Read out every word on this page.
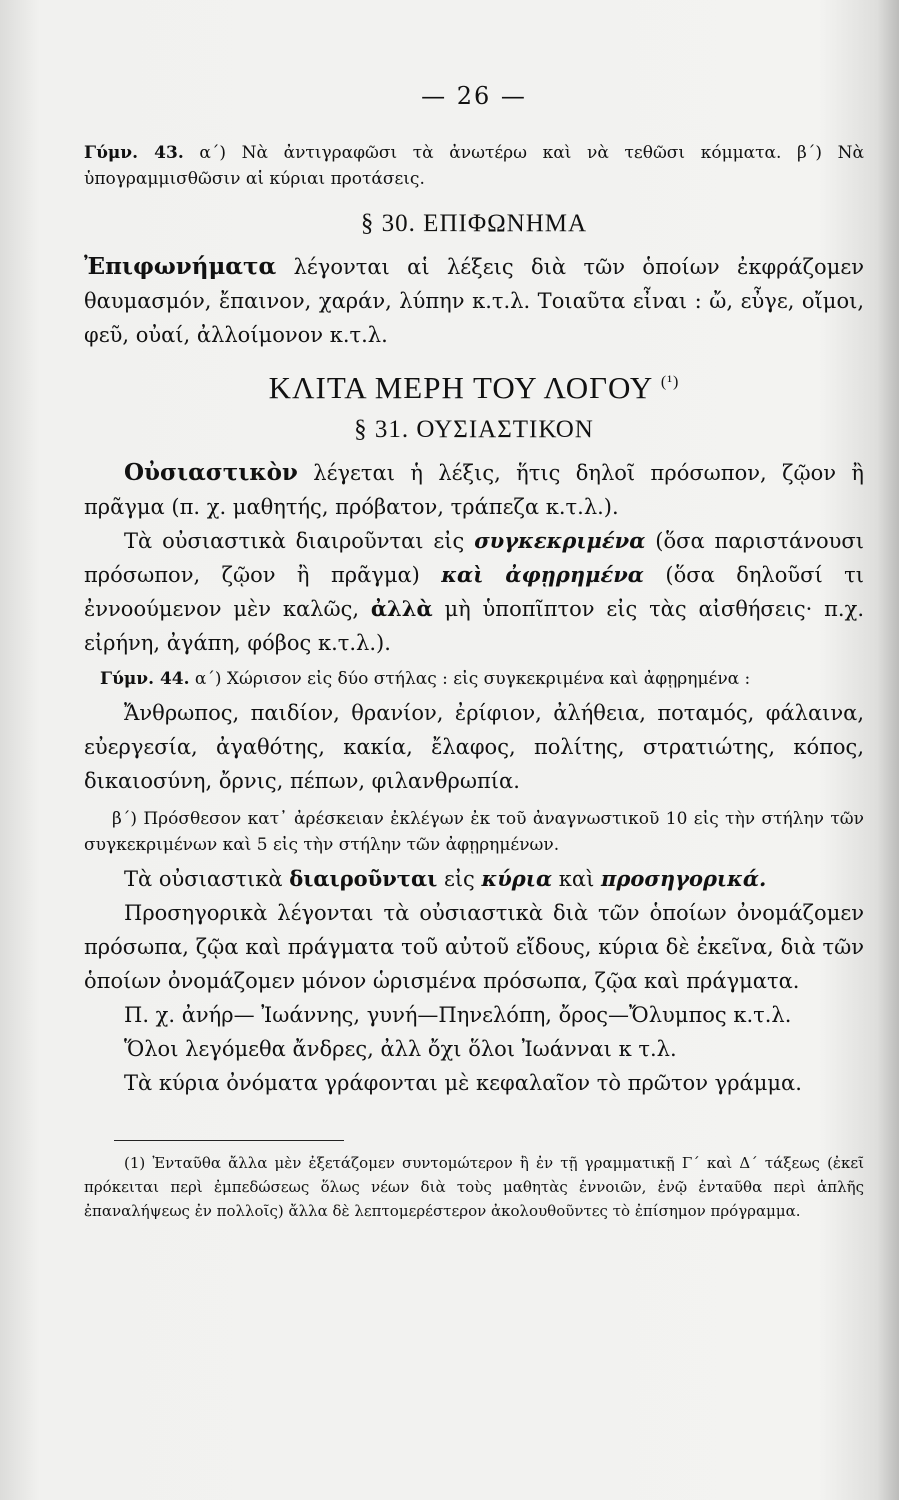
— 26 —

Γύμν. 43. α΄) Νὰ ἀντιγραφῶσι τὰ ἀνωτέρω καὶ νὰ τεθῶσι κόμματα. β΄) Νὰ ὑπογραμμισθῶσιν αἱ κύριαι προτάσεις.

§ 30. ΕΠΙΦΩΝΗΜΑ

Ἐπιφωνήματα λέγονται αἱ λέξεις διὰ τῶν ὁποίων ἐκφράζομεν θαυμασμόν, ἔπαινον, χαράν, λύπην κ.τ.λ. Τοιαῦτα εἶναι : ὤ, εὖγε, οἴμοι, φεῦ, οὐαί, ἀλλοίμονον κ.τ.λ.

ΚΛΙΤΑ ΜΕΡΗ ΤΟΥ ΛΟΓΟΥ $^{(^1)}$
§ 31. ΟΥΣΙΑΣΤΙΚΟΝ

Οὐσιαστικὸν λέγεται ἡ λέξις, ἥτις δηλοῖ πρόσωπον, ζῷον ἢ πρᾶγμα (π. χ. μαθητής, πρόβατον, τράπεζα κ.τ.λ.).

Τὰ οὐσιαστικὰ διαιροῦνται εἰς συγκεκριμένα (ὅσα παριστάνουσι πρόσωπον, ζῷον ἢ πρᾶγμα) καὶ ἀφῃρημένα (ὅσα δηλοῦσί τι ἐννοούμενον μὲν καλῶς, ἀλλὰ μὴ ὑποπῖπτον εἰς τὰς αἰσθήσεις· π.χ. εἰρήνη, ἀγάπη, φόβος κ.τ.λ.).

Γύμν. 44. α΄) Χώρισον εἰς δύο στήλας : εἰς συγκεκριμένα καὶ ἀφῃρημένα :

Ἄνθρωπος, παιδίον, θρανίον, ἐρίφιον, ἀλήθεια, ποταμός, φάλαινα, εὐεργεσία, ἀγαθότης, κακία, ἔλαφος, πολίτης, στρατιώτης, κόπος, δικαιοσύνη, ὄρνις, πέπων, φιλανθρωπία.

β΄) Πρόσθεσον κατ᾽ ἀρέσκειαν ἐκλέγων ἐκ τοῦ ἀναγνωστικοῦ 10 εἰς τὴν στήλην τῶν συγκεκριμένων καὶ 5 εἰς τὴν στήλην τῶν ἀφῃρημένων.

Τὰ οὐσιαστικὰ διαιροῦνται εἰς κύρια καὶ προσηγορικά.

Προσηγορικὰ λέγονται τὰ οὐσιαστικὰ διὰ τῶν ὁποίων ὀνομάζομεν πρόσωπα, ζῷα καὶ πράγματα τοῦ αὐτοῦ εἴδους, κύρια δὲ ἐκεῖνα, διὰ τῶν ὁποίων ὀνομάζομεν μόνον ὡρισμένα πρόσωπα, ζῷα καὶ πράγματα.

Π. χ. ἀνήρ— Ἰωάννης, γυνή—Πηνελόπη, ὄρος—Ὄλυμπος κ.τ.λ.

Ὅλοι λεγόμεθα ἄνδρες, ἀλλ ὄχι ὅλοι Ἰωάνναι κ τ.λ.

Τὰ κύρια ὀνόματα γράφονται μὲ κεφαλαῖον τὸ πρῶτον γράμμα.

(1) Ἐνταῦθα ἄλλα μὲν ἐξετάζομεν συντομώτερον ἢ ἐν τῇ γραμματικῇ Γ΄ καὶ Δ΄ τάξεως (ἐκεῖ πρόκειται περὶ ἐμπεδώσεως ὅλως νέων διὰ τοὺς μαθητὰς ἐννοιῶν, ἐνῷ ἐνταῦθα περὶ ἁπλῆς ἐπαναλήψεως ἐν πολλοῖς) ἄλλα δὲ λεπτομερέστερον ἀκολουθοῦντες τὸ ἐπίσημον πρόγραμμα.
